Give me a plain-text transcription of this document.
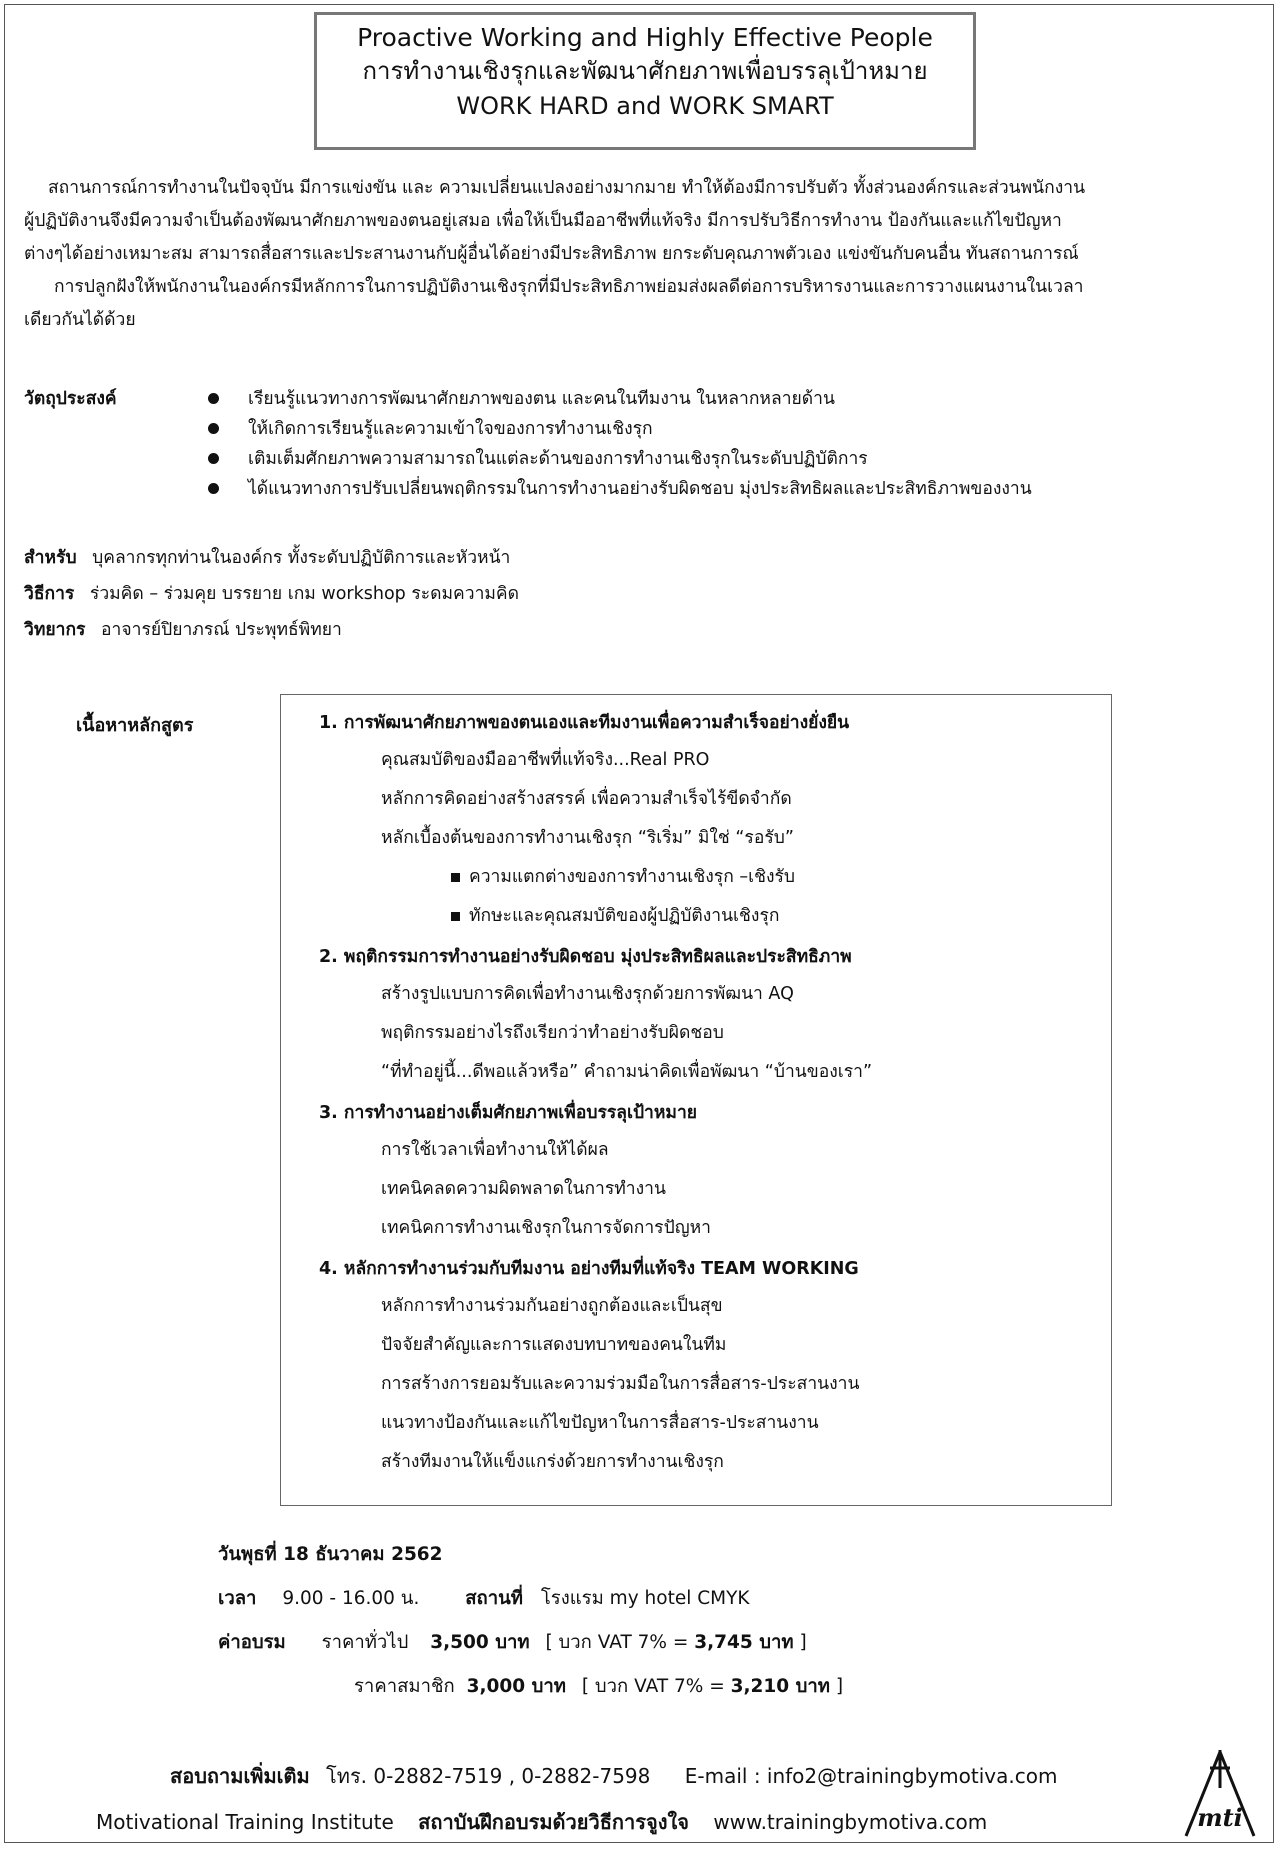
Proactive Working and Highly Effective People
การทำงานเชิงรุกและพัฒนาศักยภาพเพื่อบรรลุเป้าหมาย
WORK HARD and WORK SMART

สถานการณ์การทำงานในปัจจุบัน มีการแข่งขัน และ ความเปลี่ยนแปลงอย่างมากมาย ทำให้ต้องมีการปรับตัว ทั้งส่วนองค์กรและส่วนพนักงาน

ผู้ปฏิบัติงานจึงมีความจำเป็นต้องพัฒนาศักยภาพของตนอยู่เสมอ เพื่อให้เป็นมืออาชีพที่แท้จริง มีการปรับวิธีการทำงาน ป้องกันและแก้ไขปัญหา

ต่างๆได้อย่างเหมาะสม สามารถสื่อสารและประสานงานกับผู้อื่นได้อย่างมีประสิทธิภาพ ยกระดับคุณภาพตัวเอง แข่งขันกับคนอื่น ทันสถานการณ์

การปลูกฝังให้พนักงานในองค์กรมีหลักการในการปฏิบัติงานเชิงรุกที่มีประสิทธิภาพย่อมส่งผลดีต่อการบริหารงานและการวางแผนงานในเวลา

เดียวกันได้ด้วย

วัตถุประสงค์	เรียนรู้แนวทางการพัฒนาศักยภาพของตน และคนในทีมงาน ในหลากหลายด้าน
ให้เกิดการเรียนรู้และความเข้าใจของการทำงานเชิงรุก
เติมเต็มศักยภาพความสามารถในแต่ละด้านของการทำงานเชิงรุกในระดับปฏิบัติการ
ได้แนวทางการปรับเปลี่ยนพฤติกรรมในการทำงานอย่างรับผิดชอบ มุ่งประสิทธิผลและประสิทธิภาพของงาน
สำหรับ บุคลากรทุกท่านในองค์กร ทั้งระดับปฏิบัติการและหัวหน้า
วิธีการ ร่วมคิด – ร่วมคุย บรรยาย เกม workshop ระดมความคิด
วิทยากร อาจารย์ปิยาภรณ์ ประพุทธ์พิทยา
เนื้อหาหลักสูตร	1. การพัฒนาศักยภาพของตนเองและทีมงานเพื่อความสำเร็จอย่างยั่งยืน
คุณสมบัติของมืออาชีพที่แท้จริง...Real PRO
หลักการคิดอย่างสร้างสรรค์ เพื่อความสำเร็จไร้ขีดจำกัด
หลักเบื้องต้นของการทำงานเชิงรุก “ริเริ่ม” มิใช่ “รอรับ”
ความแตกต่างของการทำงานเชิงรุก –เชิงรับ
ทักษะและคุณสมบัติของผู้ปฏิบัติงานเชิงรุก
2. พฤติกรรมการทำงานอย่างรับผิดชอบ มุ่งประสิทธิผลและประสิทธิภาพ
สร้างรูปแบบการคิดเพื่อทำงานเชิงรุกด้วยการพัฒนา AQ
พฤติกรรมอย่างไรถึงเรียกว่าทำอย่างรับผิดชอบ
“ที่ทำอยู่นี้...ดีพอแล้วหรือ” คำถามน่าคิดเพื่อพัฒนา “บ้านของเรา”
3. การทำงานอย่างเต็มศักยภาพเพื่อบรรลุเป้าหมาย
การใช้เวลาเพื่อทำงานให้ได้ผล
เทคนิคลดความผิดพลาดในการทำงาน
เทคนิคการทำงานเชิงรุกในการจัดการปัญหา
4. หลักการทำงานร่วมกับทีมงาน อย่างทีมที่แท้จริง TEAM WORKING
หลักการทำงานร่วมกันอย่างถูกต้องและเป็นสุข
ปัจจัยสำคัญและการแสดงบทบาทของคนในทีม
การสร้างการยอมรับและความร่วมมือในการสื่อสาร-ประสานงาน
แนวทางป้องกันและแก้ไขปัญหาในการสื่อสาร-ประสานงาน
สร้างทีมงานให้แข็งแกร่งด้วยการทำงานเชิงรุก
วันพุธที่ 18 ธันวาคม 2562
เวลา 9.00 - 16.00 น. สถานที่ โรงแรม my hotel CMYK
ค่าอบรม ราคาทั่วไป 3,500 บาท [ บวก VAT 7% = 3,745 บาท ]
ราคาสมาชิก 3,000 บาท [ บวก VAT 7% = 3,210 บาท ]
สอบถามเพิ่มเติม โทร. 0-2882-7519 , 0-2882-7598 E-mail : info2@trainingbymotiva.com
Motivational Training Institute สถาบันฝึกอบรมด้วยวิธีการจูงใจ www.trainingbymotiva.com	mti
